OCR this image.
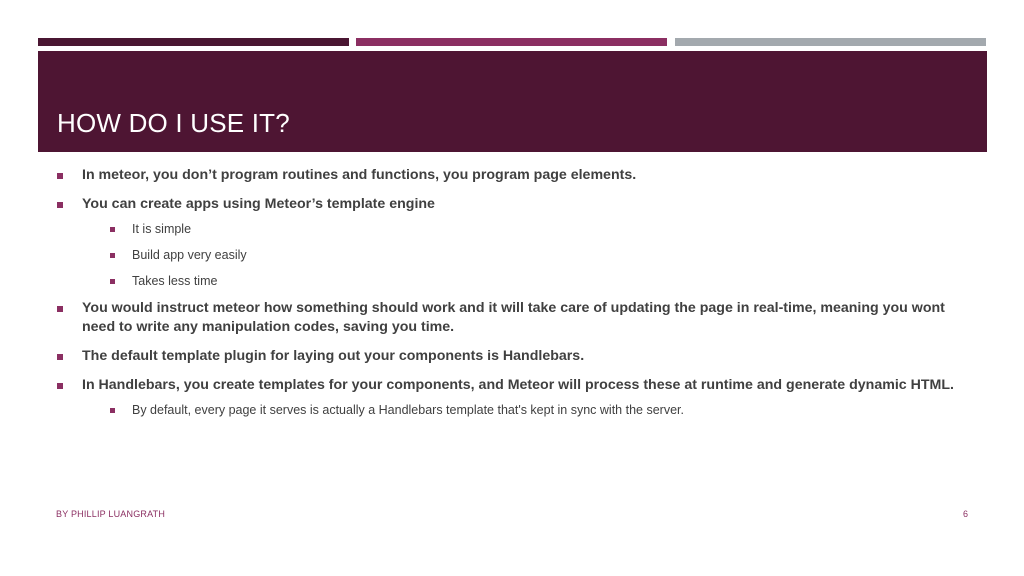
HOW DO I USE IT?
In meteor, you don’t program routines and functions, you program page elements.
You can create apps using Meteor’s template engine
It is simple
Build app very easily
Takes less time
You would instruct meteor how something should work and it will take care of updating the page in real-time, meaning you wont need to write any manipulation codes, saving you time.
The default template plugin for laying out your components is Handlebars.
In Handlebars, you create templates for your components, and Meteor will process these at runtime and generate dynamic HTML.
By default, every page it serves is actually a Handlebars template that's kept in sync with the server.
BY PHILLIP LUANGRATH	6
